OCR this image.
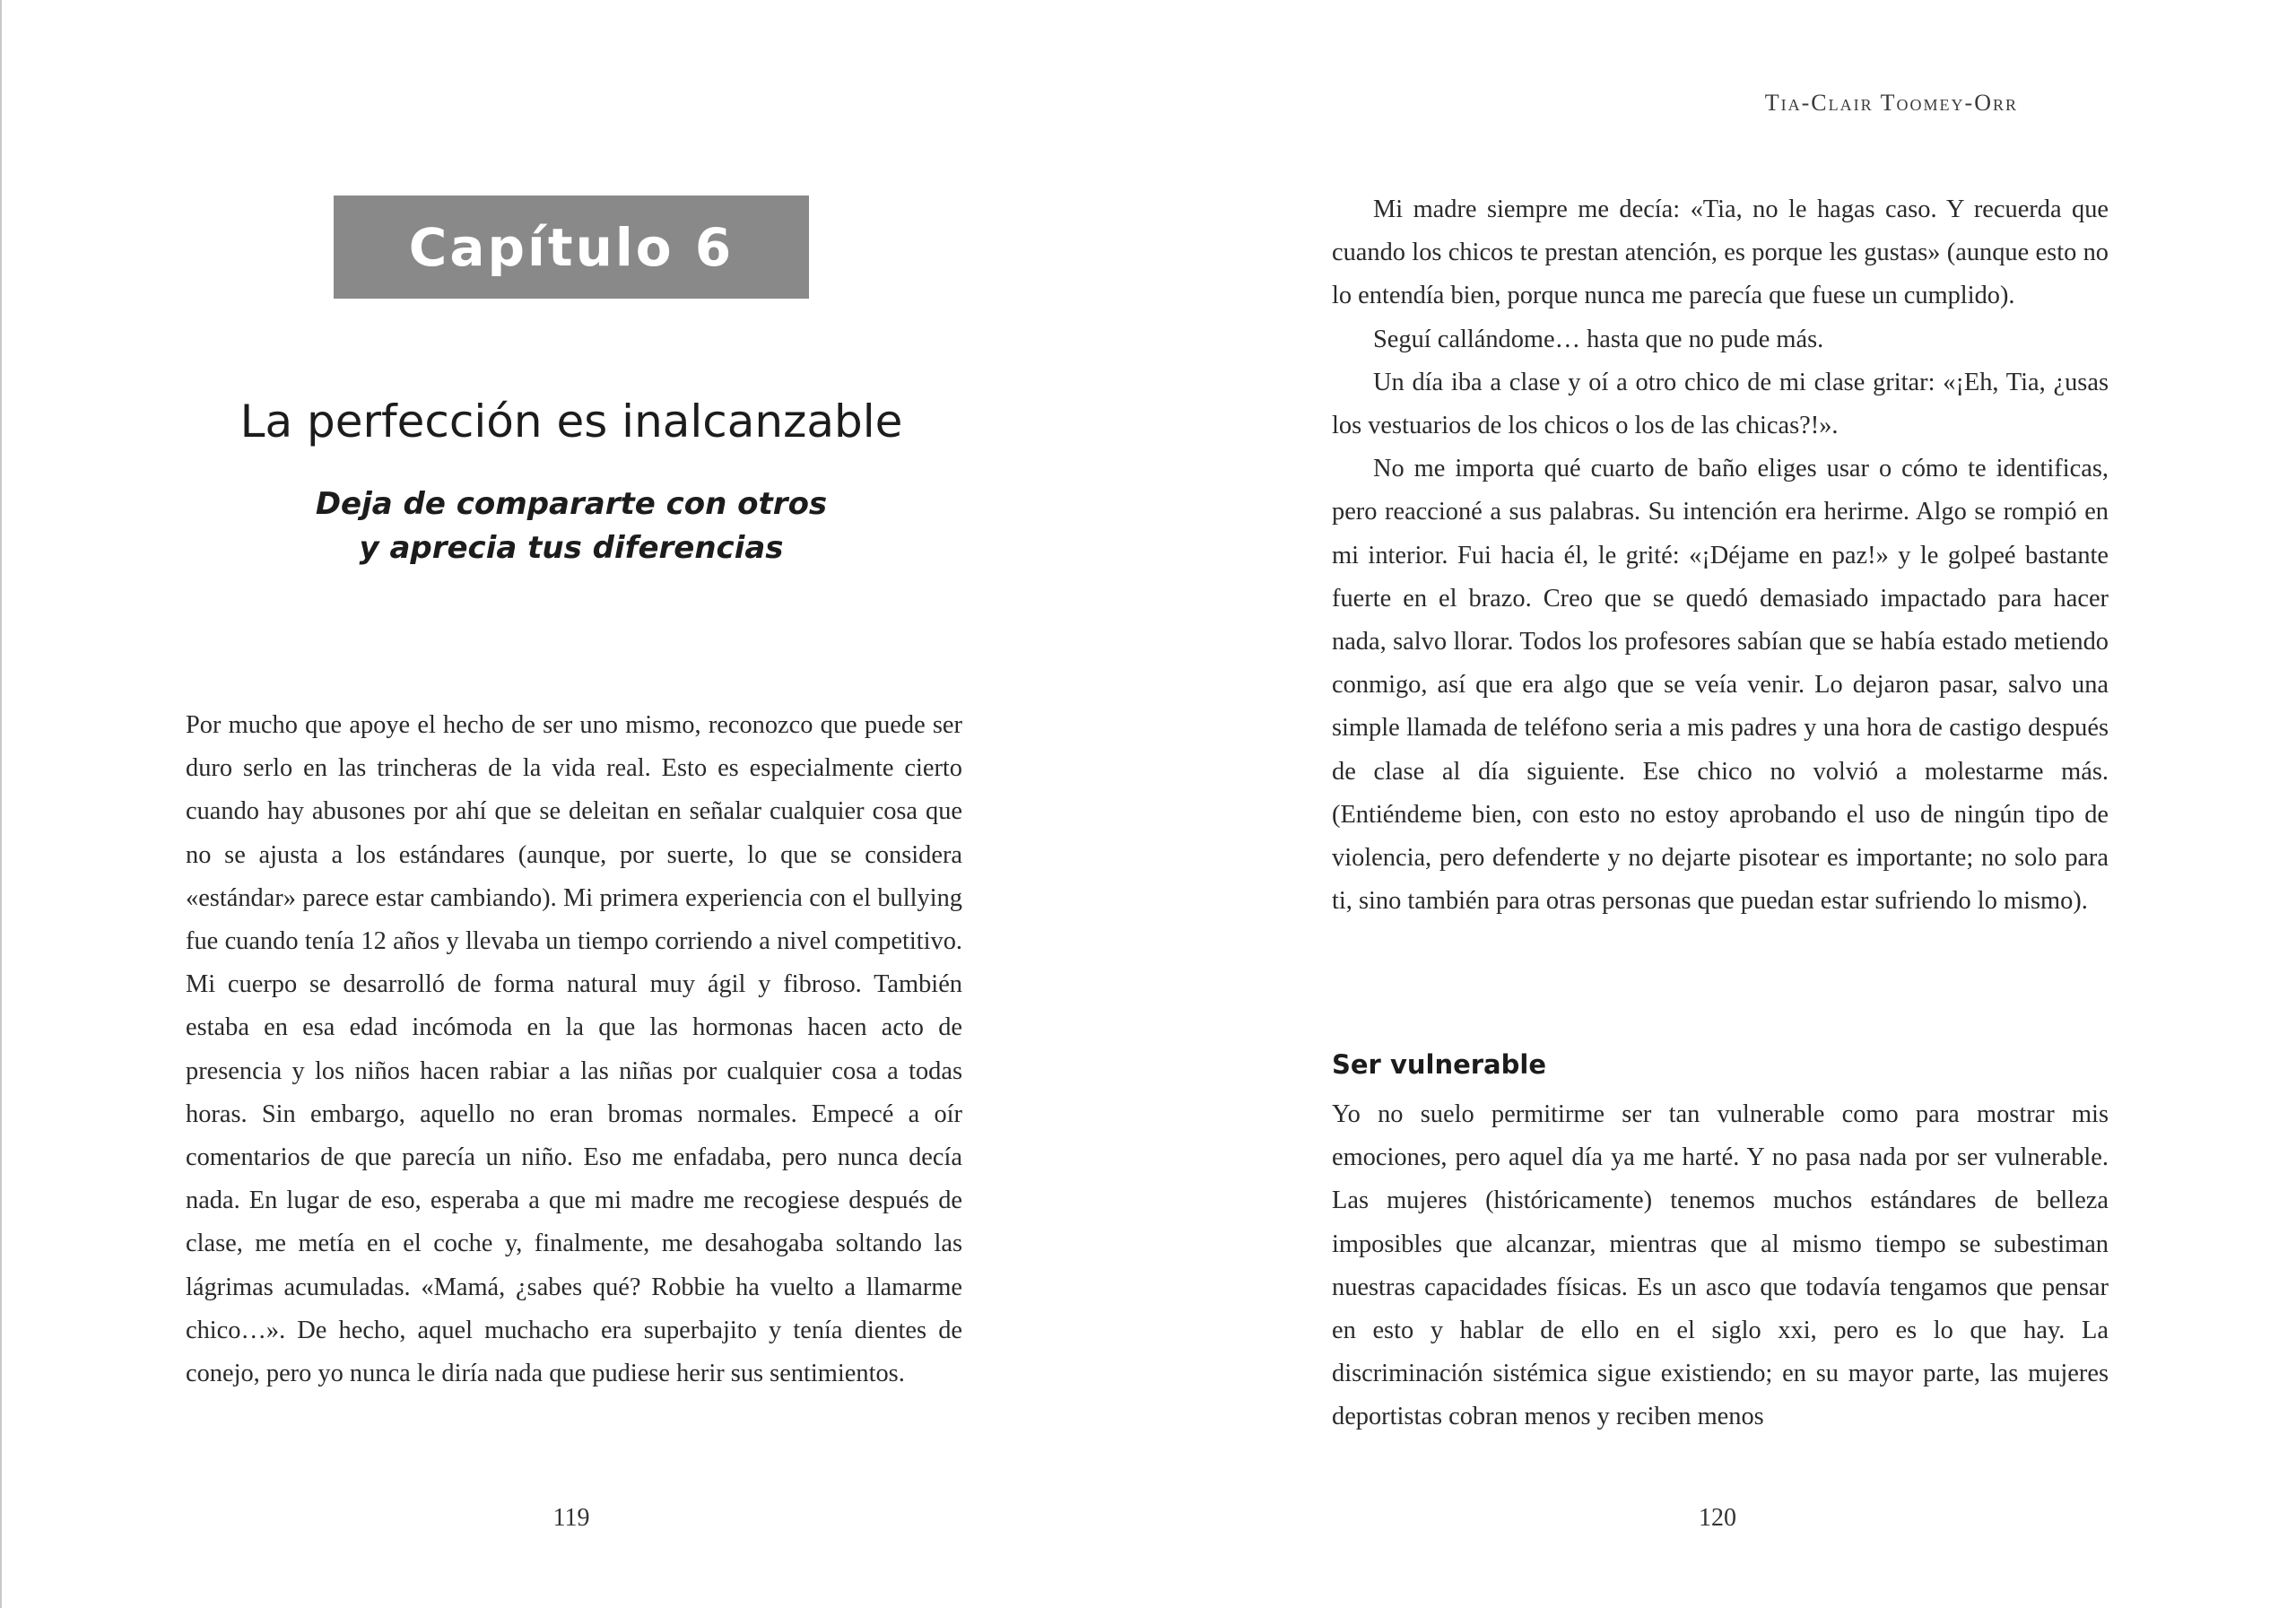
Capítulo 6
La perfección es inalcanzable
Deja de compararte con otros
y aprecia tus diferencias

Por mucho que apoye el hecho de ser uno mismo, reconozco que puede ser duro serlo en las trincheras de la vida real. Esto es especialmente cierto cuando hay abusones por ahí que se deleitan en señalar cualquier cosa que no se ajusta a los estándares (aunque, por suerte, lo que se considera «estándar» parece estar cambiando). Mi primera experiencia con el bullying fue cuando tenía 12 años y llevaba un tiempo corriendo a nivel competitivo. Mi cuerpo se desarrolló de forma natural muy ágil y fibroso. También estaba en esa edad incómoda en la que las hormonas hacen acto de presencia y los niños hacen rabiar a las niñas por cualquier cosa a todas horas. Sin embargo, aquello no eran bromas normales. Empecé a oír comentarios de que parecía un niño. Eso me enfadaba, pero nunca decía nada. En lugar de eso, esperaba a que mi madre me recogiese después de clase, me metía en el coche y, finalmente, me desahogaba soltando las lágrimas acumuladas. «Mamá, ¿sabes qué? Robbie ha vuelto a llamarme chico…». De hecho, aquel muchacho era superbajito y tenía dientes de conejo, pero yo nunca le diría nada que pudiese herir sus sentimientos.

119
Tia-Clair Toomey-Orr

Mi madre siempre me decía: «Tia, no le hagas caso. Y recuerda que cuando los chicos te prestan atención, es porque les gustas» (aunque esto no lo entendía bien, porque nunca me parecía que fuese un cumplido).

Seguí callándome… hasta que no pude más.

Un día iba a clase y oí a otro chico de mi clase gritar: «¡Eh, Tia, ¿usas los vestuarios de los chicos o los de las chicas?!».

No me importa qué cuarto de baño eliges usar o cómo te identificas, pero reaccioné a sus palabras. Su intención era herirme. Algo se rompió en mi interior. Fui hacia él, le grité: «¡Déjame en paz!» y le golpeé bastante fuerte en el brazo. Creo que se quedó demasiado impactado para hacer nada, salvo llorar. Todos los profesores sabían que se había estado metiendo conmigo, así que era algo que se veía venir. Lo dejaron pasar, salvo una simple llamada de teléfono seria a mis padres y una hora de castigo después de clase al día siguiente. Ese chico no volvió a molestarme más. (Entiéndeme bien, con esto no estoy aprobando el uso de ningún tipo de violencia, pero defenderte y no dejarte pisotear es importante; no solo para ti, sino también para otras personas que puedan estar sufriendo lo mismo).

Ser vulnerable

Yo no suelo permitirme ser tan vulnerable como para mostrar mis emociones, pero aquel día ya me harté. Y no pasa nada por ser vulnerable. Las mujeres (históricamente) tenemos muchos estándares de belleza imposibles que alcanzar, mientras que al mismo tiempo se subestiman nuestras capacidades físicas. Es un asco que todavía tengamos que pensar en esto y hablar de ello en el siglo xxi, pero es lo que hay. La discriminación sistémica sigue existiendo; en su mayor parte, las mujeres deportistas cobran menos y reciben menos

120
